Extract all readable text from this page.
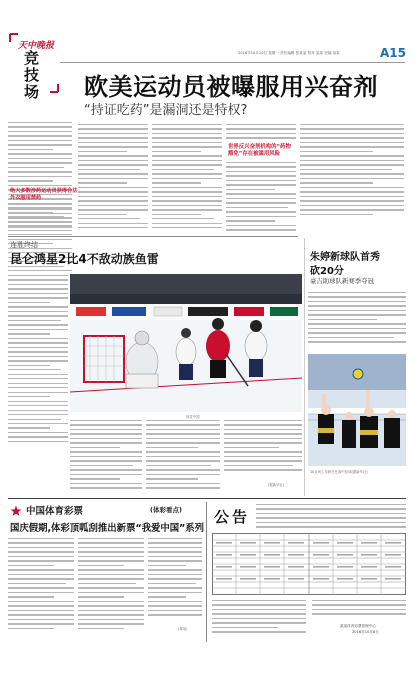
天中晚报
竞技场
2016年10月10日 星期一 责任编辑 张某某 校对 某某 美编 某某	A15
欧美运动员被曝服用兴奋剂
“持证吃药”是漏洞还是特权?
绝大多数涉药运动员获得合法
外衣服用禁药
世界反兴奋剂机构的“药物豁免”存在被滥用风险
连胜终结
昆仑鸿星2比4不敌动族鱼雷
视觉中国
(据新华社)
朱婷新球队首秀
砍20分
豪吉助球队新赛季夺冠
10月9日,朱婷在比赛中扣球(据新华社)
中国体育彩票	(体彩看点)
国庆假期,体彩顶呱刮推出新票“我爱中国”系列
(林某)
公告
某某体育彩票管理中心
2016年10月8日
